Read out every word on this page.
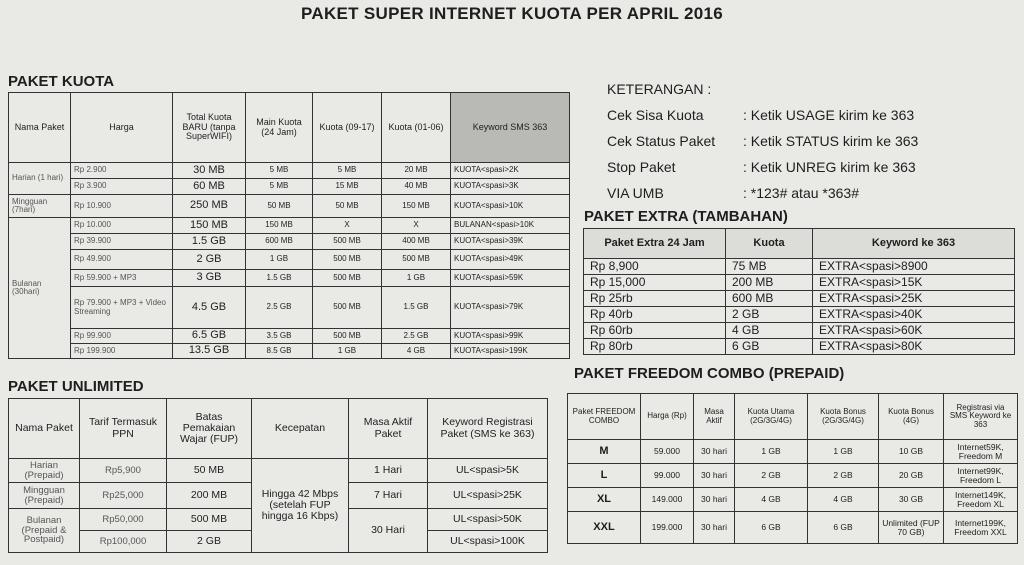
PAKET SUPER INTERNET KUOTA PER APRIL 2016
PAKET KUOTA
Nama Paket	Harga	Total Kuota BARU (tanpa SuperWIFI)	Main Kuota (24 Jam)	Kuota (09-17)	Kuota (01-06)	Keyword SMS 363
Harian (1 hari)	Rp 2.900	30 MB	5 MB	5 MB	20 MB	KUOTA<spasi>2K
	Rp 3.900	60 MB	5 MB	15 MB	40 MB	KUOTA<spasi>3K
Mingguan (7hari)	Rp 10.900	250 MB	50 MB	50 MB	150 MB	KUOTA<spasi>10K
Bulanan (30hari)	Rp 10.000	150 MB	150 MB	X	X	BULANAN<spasi>10K
	Rp 39.900	1.5 GB	600 MB	500 MB	400 MB	KUOTA<spasi>39K
	Rp 49.900	2 GB	1 GB	500 MB	500 MB	KUOTA<spasi>49K
	Rp 59.900 + MP3	3 GB	1.5 GB	500 MB	1 GB	KUOTA<spasi>59K
	Rp 79.900 + MP3 + Video Streaming	4.5 GB	2.5 GB	500 MB	1.5 GB	KUOTA<spasi>79K
	Rp 99.900	6.5 GB	3.5 GB	500 MB	2.5 GB	KUOTA<spasi>99K
	Rp 199.900	13.5 GB	8.5 GB	1 GB	4 GB	KUOTA<spasi>199K
KETERANGAN :
Cek Sisa Kuota	: Ketik USAGE kirim ke 363
Cek Status Paket : Ketik STATUS kirim ke 363
Stop Paket	: Ketik UNREG kirim ke 363
VIA UMB	: *123# atau *363#
PAKET EXTRA (TAMBAHAN)
Paket Extra 24 Jam	Kuota	Keyword ke 363
Rp 8,900	75 MB	EXTRA<spasi>8900
Rp 15,000	200 MB	EXTRA<spasi>15K
Rp 25rb	600 MB	EXTRA<spasi>25K
Rp 40rb	2 GB	EXTRA<spasi>40K
Rp 60rb	4 GB	EXTRA<spasi>60K
Rp 80rb	6 GB	EXTRA<spasi>80K
PAKET UNLIMITED
Nama Paket	Tarif Termasuk PPN	Batas Pemakaian Wajar (FUP)	Kecepatan	Masa Aktif Paket	Keyword Registrasi Paket (SMS ke 363)
Harian (Prepaid)	Rp5,900	50 MB	Hingga 42 Mbps (setelah FUP hingga 16 Kbps)	1 Hari	UL<spasi>5K
Mingguan (Prepaid)	Rp25,000	200 MB		7 Hari	UL<spasi>25K
Bulanan (Prepaid & Postpaid)	Rp50,000	500 MB		30 Hari	UL<spasi>50K
	Rp100,000	2 GB			UL<spasi>100K
PAKET FREEDOM COMBO (PREPAID)
Paket FREEDOM COMBO	Harga (Rp)	Masa Aktif	Kuota Utama (2G/3G/4G)	Kuota Bonus (2G/3G/4G)	Kuota Bonus (4G)	Registrasi via SMS Keyword ke 363
M	59.000	30 hari	1 GB	1 GB	10 GB	Internet59K, Freedom M
L	99.000	30 hari	2 GB	2 GB	20 GB	Internet99K, Freedom L
XL	149.000	30 hari	4 GB	4 GB	30 GB	Internet149K, Freedom XL
XXL	199.000	30 hari	6 GB	6 GB	Unlimited (FUP 70 GB)	Internet199K, Freedom XXL
